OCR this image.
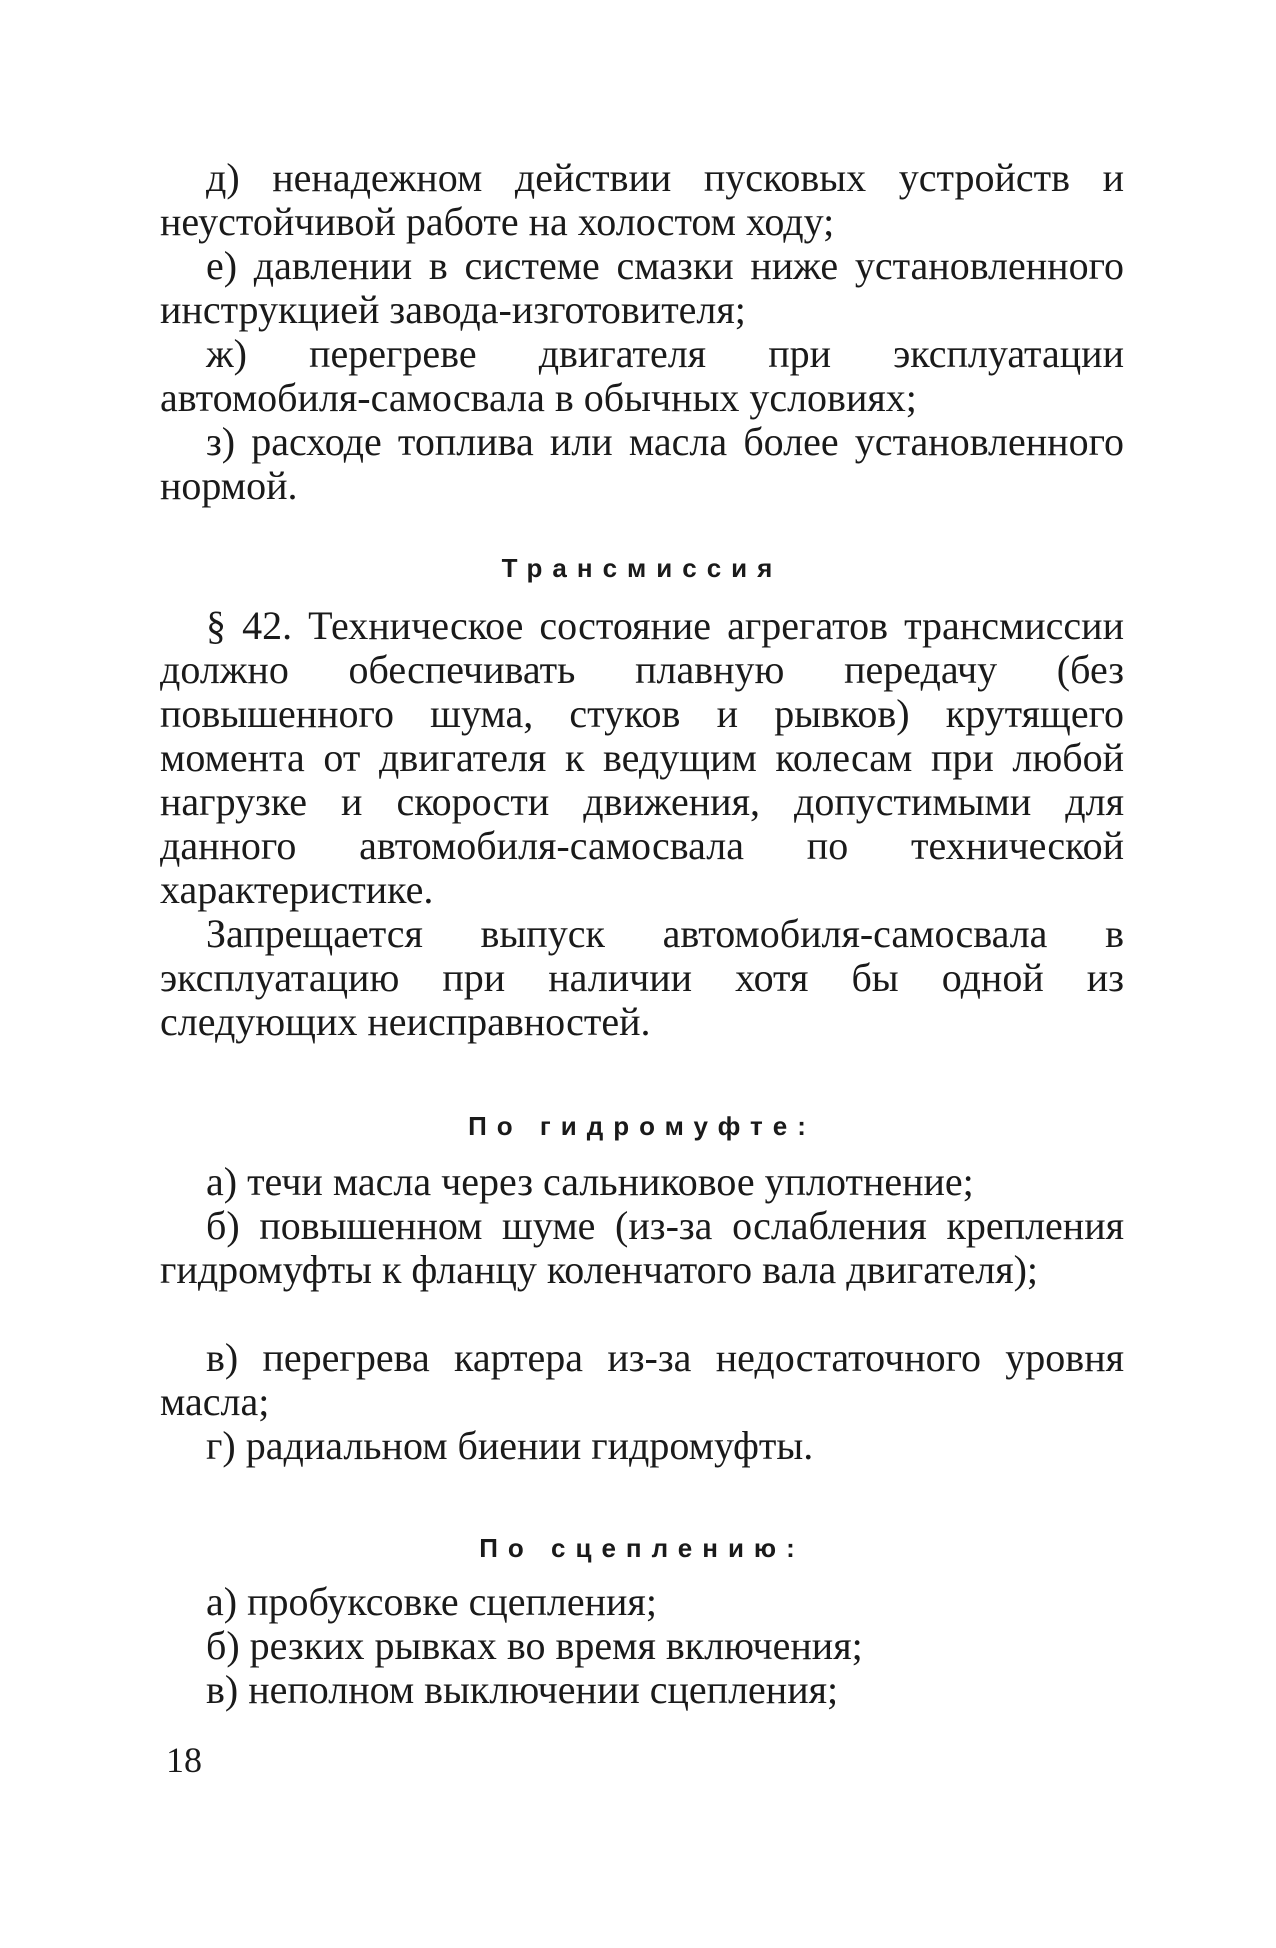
д) ненадежном действии пусковых устройств и неустойчивой работе на холостом ходу;

е) давлении в системе смазки ниже установленного инструкцией завода-изготовителя;

ж) перегреве двигателя при эксплуатации автомобиля-самосвала в обычных условиях;

з) расходе топлива или масла более установленного нормой.

Трансмиссия

§ 42. Техническое состояние агрегатов трансмиссии должно обеспечивать плавную передачу (без повышенного шума, стуков и рывков) крутящего момента от двигателя к ведущим колесам при любой нагрузке и скорости движения, допустимыми для данного автомобиля-самосвала по технической характеристике.

Запрещается выпуск автомобиля-самосвала в эксплуатацию при наличии хотя бы одной из следующих неисправностей.

По гидромуфте:

а) течи масла через сальниковое уплотнение;

б) повышенном шуме (из-за ослабления крепления гидромуфты к фланцу коленчатого вала двигателя);

в) перегрева картера из-за недостаточного уровня масла;

г) радиальном биении гидромуфты.

По сцеплению:

а) пробуксовке сцепления;

б) резких рывках во время включения;

в) неполном выключении сцепления;

18
